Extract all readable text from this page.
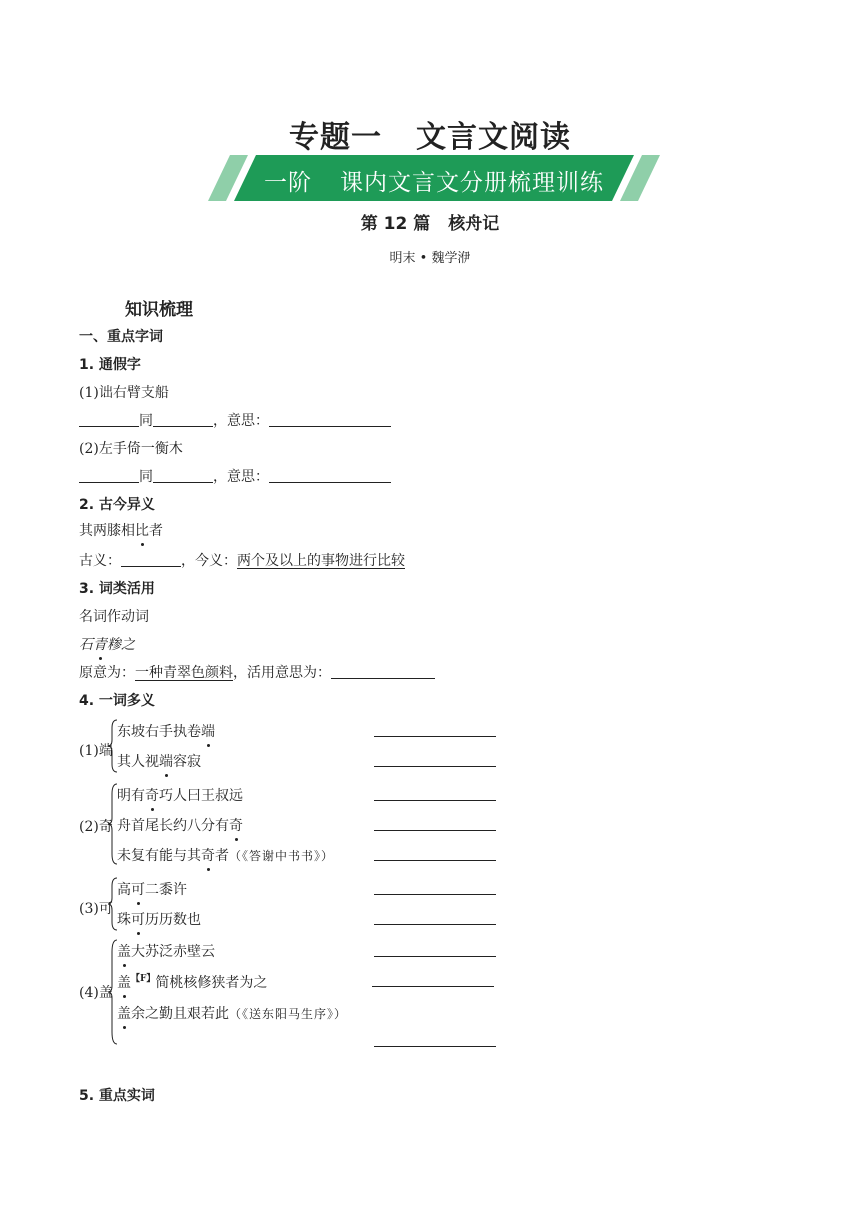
专题一 文言文阅读
一阶 课内文言文分册梳理训练
第 12 篇 核舟记
明末 • 魏学洢
知识梳理
一、重点字词
1. 通假字
(1)诎右臂支船
同	，意思：
(2)左手倚一衡木
同	，意思：
2. 古今异义
其两膝相比者
古义：	，今义：两个及以上的事物进行比较
3. 词类活用
名词作动词
石青糁之
原意为：一种青翠色颜料，活用意思为：
4. 一词多义
(1)端
东坡右手执卷端
其人视端容寂
(2)奇
明有奇巧人曰王叔远
舟首尾长约八分有奇
未复有能与其奇者（《答谢中书书》）
(3)可
高可二黍许
珠可历历数也
(4)盖
盖大苏泛赤壁云
盖$^{【F】}$简桃核修狭者为之
盖余之勤且艰若此（《送东阳马生序》）
5. 重点实词
